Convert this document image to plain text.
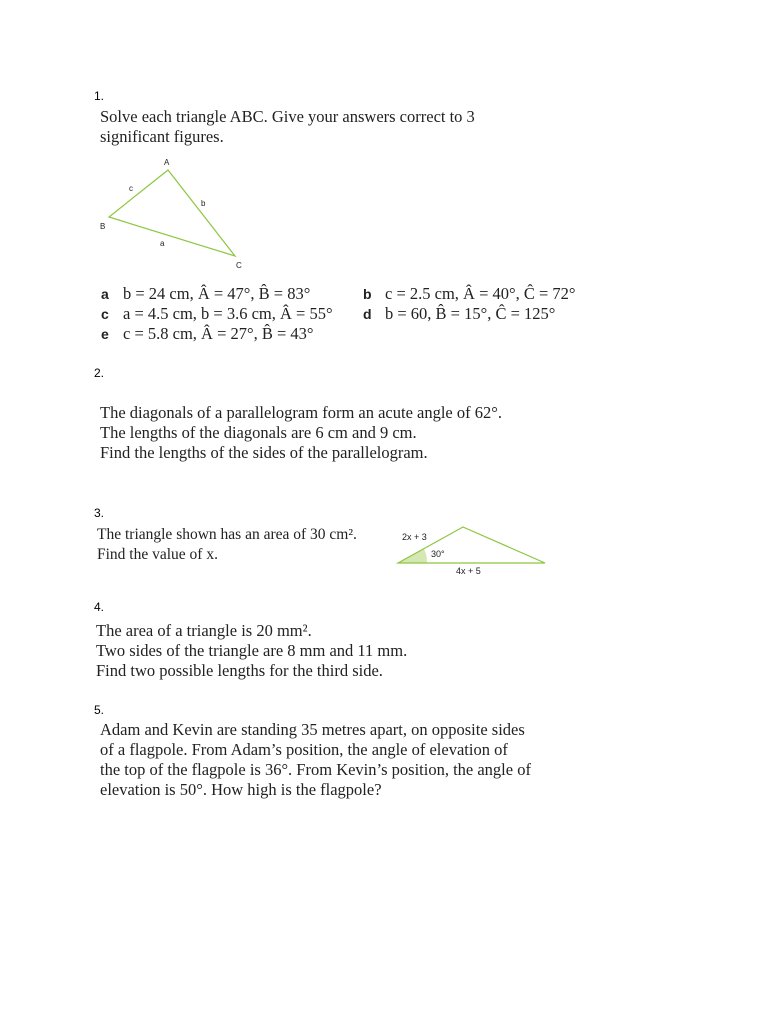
1.
Solve each triangle ABC. Give your answers correct to 3
significant figures.
A
B
C
a
b
c
a b = 24 cm, Â = 47°, B̂ = 83°	b c = 2.5 cm, Â = 40°, Ĉ = 72°
c a = 4.5 cm, b = 3.6 cm, Â = 55° d b = 60, B̂ = 15°, Ĉ = 125°
e c = 5.8 cm, Â = 27°, B̂ = 43°
2.
The diagonals of a parallelogram form an acute angle of 62°.
The lengths of the diagonals are 6 cm and 9 cm.
Find the lengths of the sides of the parallelogram.
3.
The triangle shown has an area of 30 cm².
Find the value of x.
2x + 3
30°
4x + 5
4.
The area of a triangle is 20 mm².
Two sides of the triangle are 8 mm and 11 mm.
Find two possible lengths for the third side.
5.
Adam and Kevin are standing 35 metres apart, on opposite sides
of a flagpole. From Adam’s position, the angle of elevation of
the top of the flagpole is 36°. From Kevin’s position, the angle of
elevation is 50°. How high is the flagpole?
